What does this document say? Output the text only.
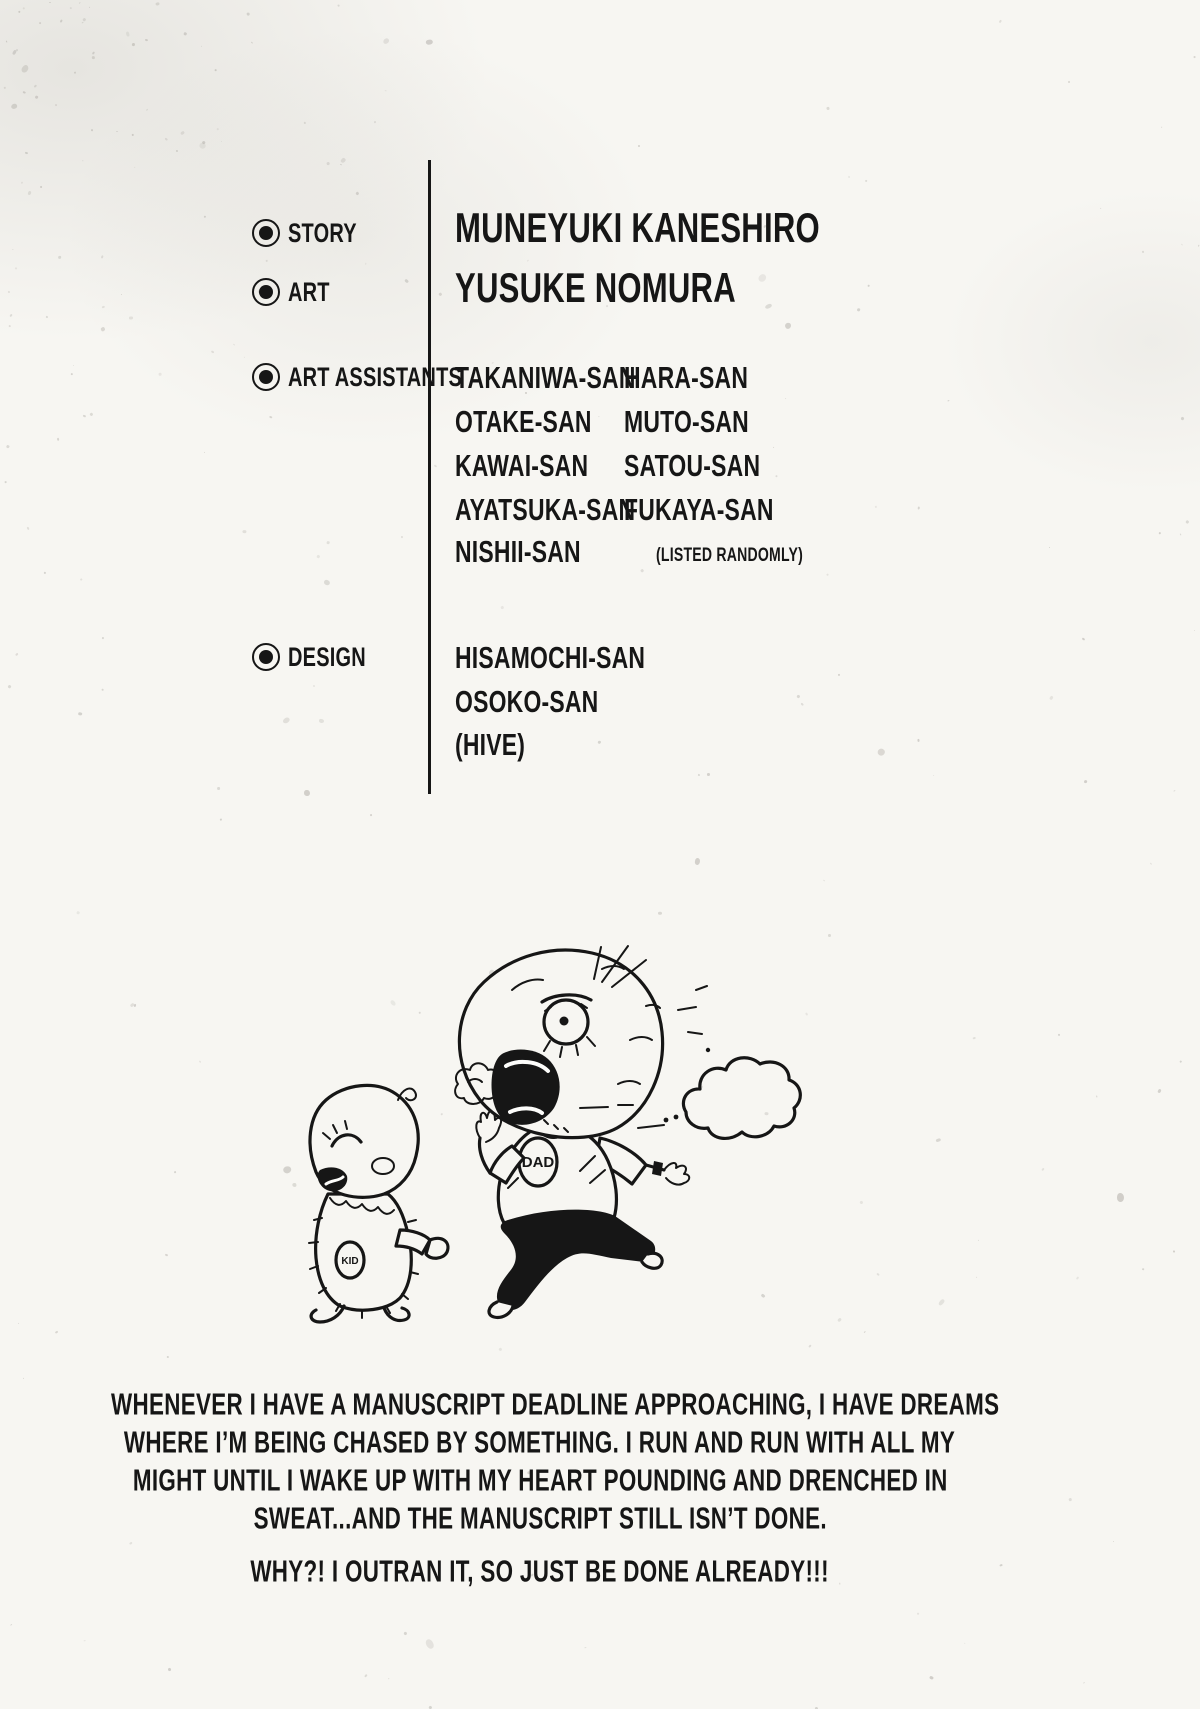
STORY
ART
ART ASSISTANTS
DESIGN
MUNEYUKI KANESHIRO
YUSUKE NOMURA
TAKANIWA-SAN
OTAKE-SAN
KAWAI-SAN
AYATSUKA-SAN
NISHII-SAN
HARA-SAN
MUTO-SAN
SATOU-SAN
FUKAYA-SAN
(LISTED RANDOMLY)
HISAMOCHI-SAN
OSOKO-SAN
(HIVE)
DAD
KID
WHENEVER I HAVE A MANUSCRIPT DEADLINE APPROACHING, I HAVE DREAMS
WHERE I’M BEING CHASED BY SOMETHING. I RUN AND RUN WITH ALL MY
MIGHT UNTIL I WAKE UP WITH MY HEART POUNDING AND DRENCHED IN
SWEAT...AND THE MANUSCRIPT STILL ISN’T DONE.
WHY?! I OUTRAN IT, SO JUST BE DONE ALREADY!!!
